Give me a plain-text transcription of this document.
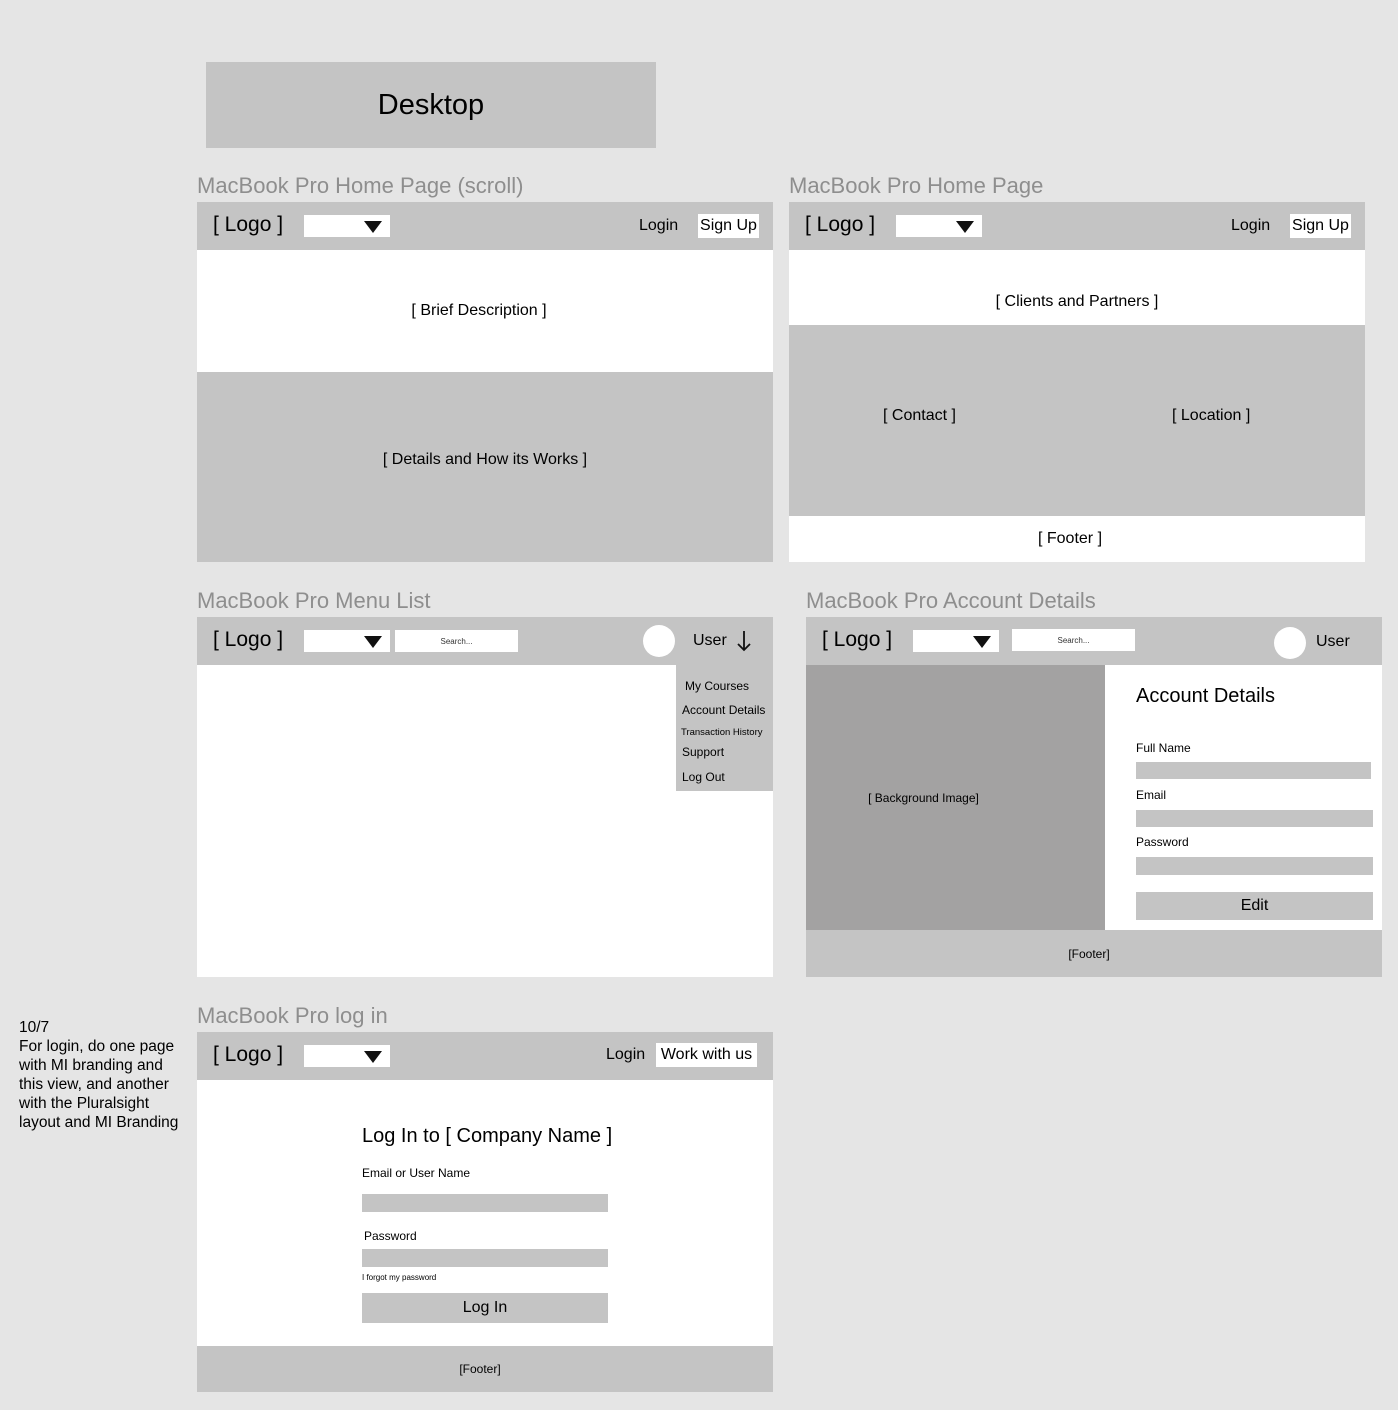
Desktop
MacBook Pro Home Page (scroll)
[ Logo ]	Login Sign Up
[ Brief Description ]
[ Details and How its Works ]
MacBook Pro Home Page
[ Logo ]	Login Sign Up
[ Clients and Partners ]
[ Contact ]	[ Location ]
[ Footer ]
MacBook Pro Menu List
[ Logo ]	Search...	User
My Courses
Account Details
Transaction History
Support
Log Out
MacBook Pro Account Details
[ Logo ]	Search...	User
[ Background Image]
Account Details
Full Name
Email
Password
Edit
[Footer]
MacBook Pro log in
[ Logo ]	Login Work with us
Log In to [ Company Name ]
Email or User Name
Password
I forgot my password
Log In
[Footer]
10/7
For login, do one page with MI branding and this view, and another with the Pluralsight layout and MI Branding
